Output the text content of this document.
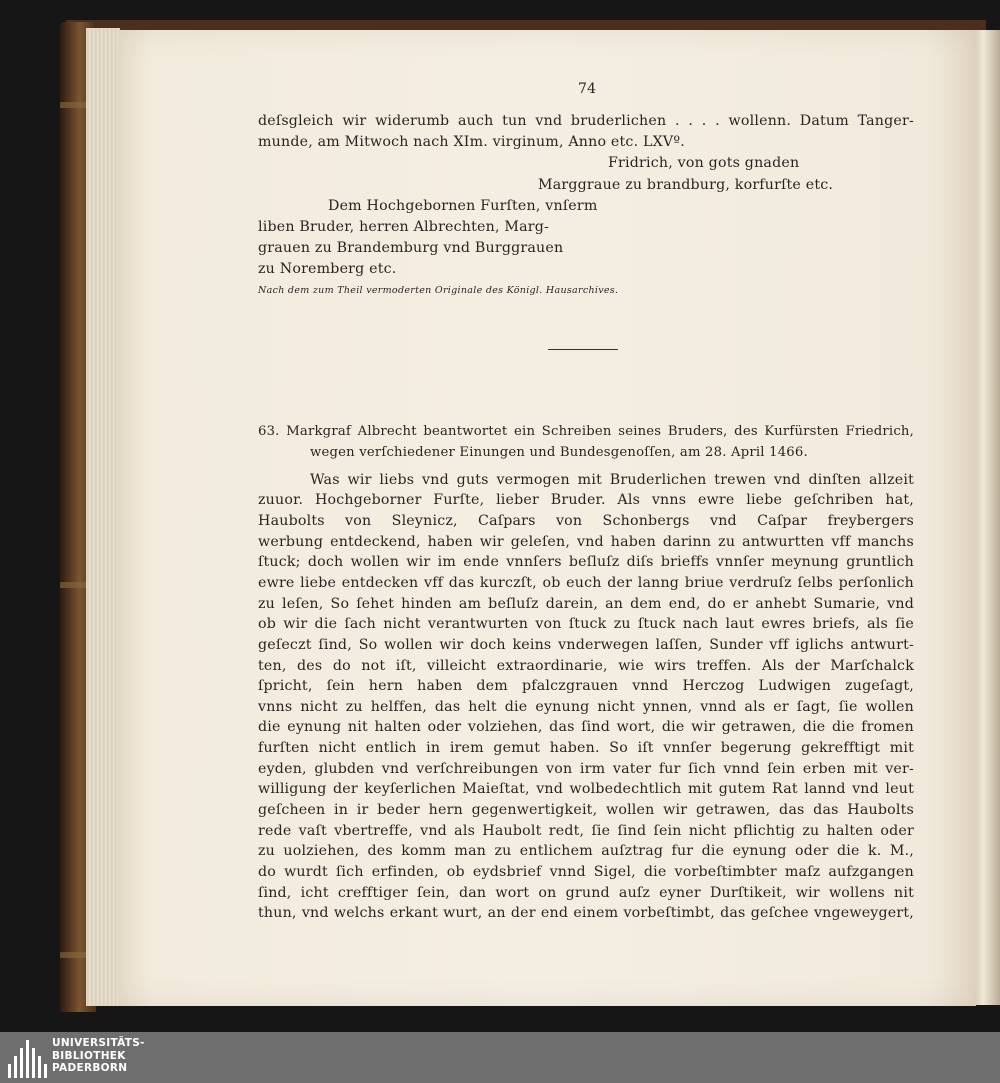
74
deſsgleich wir widerumb auch tun vnd bruderlichen . . . . wollenn. Datum Tanger-
munde, am Mitwoch nach XIm. virginum, Anno etc. LXVº.
Fridrich, von gots gnaden
Marggraue zu brandburg, korfurſte etc.
Dem Hochgebornen Furſten, vnſerm
liben Bruder, herren Albrechten, Marg-
grauen zu Brandemburg vnd Burggrauen
zu Noremberg etc.
Nach dem zum Theil vermoderten Originale des Königl. Hausarchives.
63. Markgraf Albrecht beantwortet ein Schreiben seines Bruders, des Kurfürsten Friedrich,
wegen verſchiedener Einungen und Bundesgenoſſen, am 28. April 1466.
Was wir liebs vnd guts vermogen mit Bruderlichen trewen vnd dinſten allzeit
zuuor. Hochgeborner Furſte, lieber Bruder. Als vnns ewre liebe geſchriben hat,
Haubolts von Sleynicz, Caſpars von Schonbergs vnd Caſpar freybergers
werbung entdeckend, haben wir geleſen, vnd haben darinn zu antwurtten vff manchs
ſtuck; doch wollen wir im ende vnnſers beſluſz diſs brieffs vnnſer meynung gruntlich
ewre liebe entdecken vff das kurczſt, ob euch der lanng briue verdruſz ſelbs perſonlich
zu leſen, So ſehet hinden am beſluſz darein, an dem end, do er anhebt Sumarie, vnd
ob wir die ſach nicht verantwurten von ſtuck zu ſtuck nach laut ewres briefs, als ſie
geſeczt ſind, So wollen wir doch keins vnderwegen laſſen, Sunder vff iglichs antwurt-
ten, des do not iſt, villeicht extraordinarie, wie wirs treffen. Als der Marſchalck
ſpricht, ſein hern haben dem pfalczgrauen vnnd Herczog Ludwigen zugeſagt,
vnns nicht zu helffen, das helt die eynung nicht ynnen, vnnd als er ſagt, ſie wollen
die eynung nit halten oder volziehen, das ſind wort, die wir getrawen, die die fromen
furſten nicht entlich in irem gemut haben. So iſt vnnſer begerung gekrefftigt mit
eyden, glubden vnd verſchreibungen von irm vater fur ſich vnnd ſein erben mit ver-
willigung der keyſerlichen Maieſtat, vnd wolbedechtlich mit gutem Rat lannd vnd leut
geſcheen in ir beder hern gegenwertigkeit, wollen wir getrawen, das das Haubolts
rede vaſt vbertreffe, vnd als Haubolt redt, ſie ſind ſein nicht pflichtig zu halten oder
zu uolziehen, des komm man zu entlichem auſztrag fur die eynung oder die k. M.,
do wurdt ſich erfinden, ob eydsbrief vnnd Sigel, die vorbeſtimbter maſz aufzgangen
ſind, icht crefftiger ſein, dan wort on grund auſz eyner Durſtikeit, wir wollens nit
thun, vnd welchs erkant wurt, an der end einem vorbeſtimbt, das geſchee vngeweygert,
UNIVERSITÄTS-
BIBLIOTHEK
PADERBORN
